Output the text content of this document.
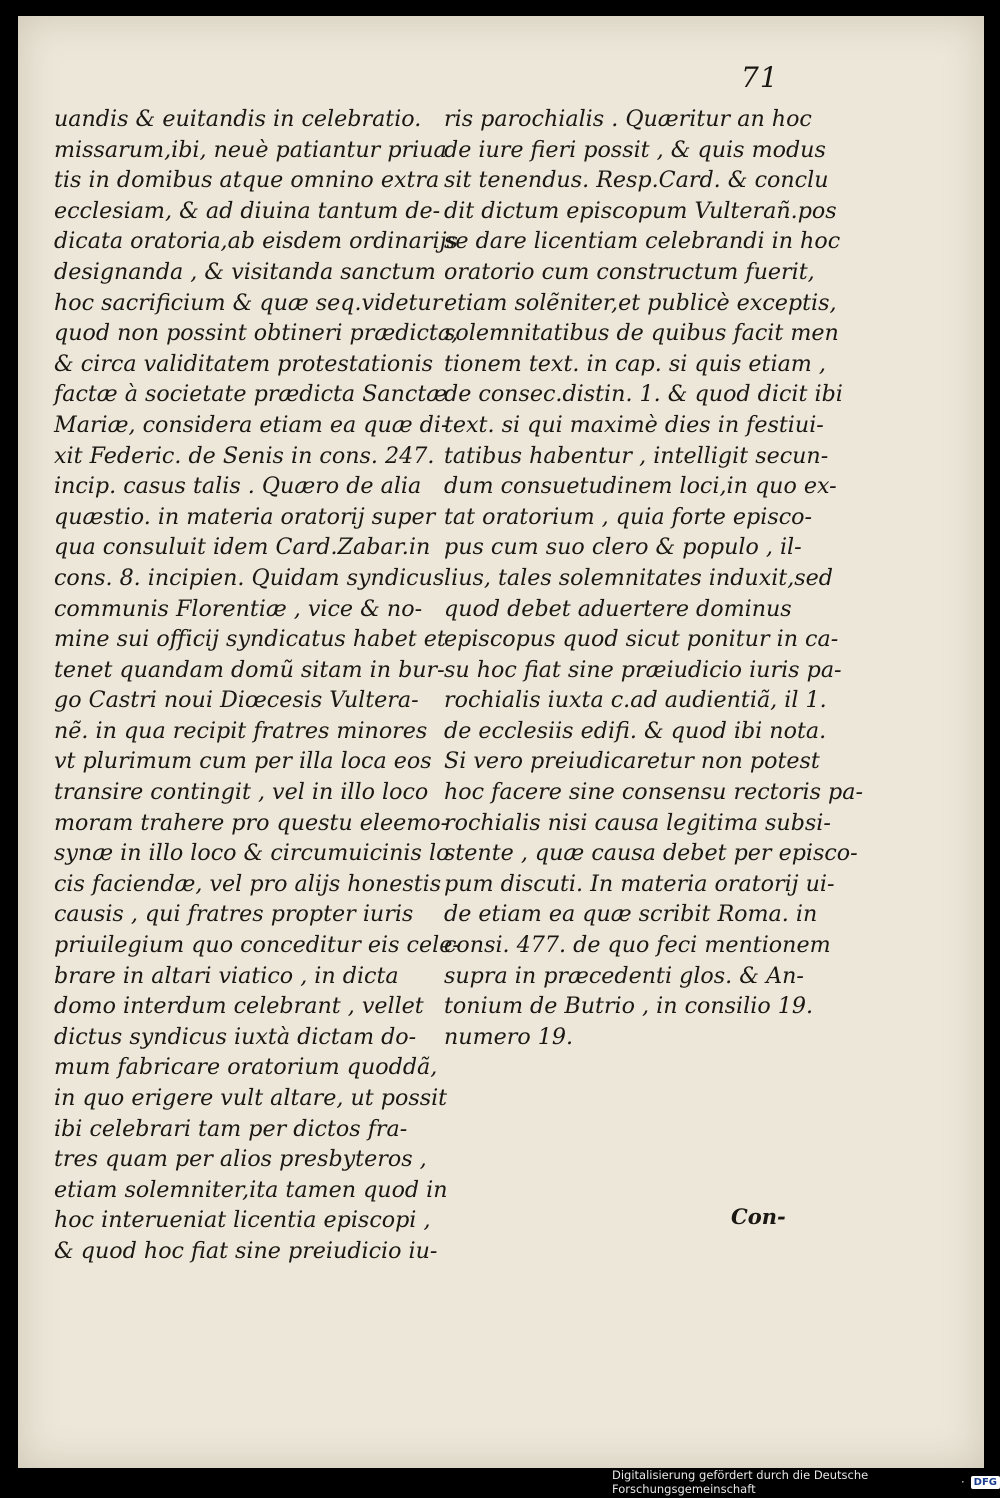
71
uandis & euitandis in celebratio.
missarum,ibi, neuè patiantur priua
tis in domibus atque omnino extra
ecclesiam, & ad diuina tantum de-
dicata oratoria,ab eisdem ordinarijs
designanda , & visitanda sanctum
hoc sacrificium & quæ seq.videtur
quod non possint obtineri prædicta,
& circa validitatem protestationis
factæ à societate prædicta Sanctæ
Mariæ, considera etiam ea quæ di-
xit Federic. de Senis in cons. 247.
incip. casus talis . Quæro de alia
quæstio. in materia oratorij super
qua consuluit idem Card.Zabar.in
cons. 8. incipien. Quidam syndicus
communis Florentiæ , vice & no-
mine sui officij syndicatus habet et
tenet quandam domũ sitam in bur-
go Castri noui Diœcesis Vultera-
nẽ. in qua recipit fratres minores
vt plurimum cum per illa loca eos
transire contingit , vel in illo loco
moram trahere pro questu eleemo-
synæ in illo loco & circumuicinis lo
cis faciendæ, vel pro alijs honestis
causis , qui fratres propter iuris
priuilegium quo conceditur eis cele-
brare in altari viatico , in dicta
domo interdum celebrant , vellet
dictus syndicus iuxtà dictam do-
mum fabricare oratorium quoddã,
in quo erigere vult altare, ut possit
ibi celebrari tam per dictos fra-
tres quam per alios presbyteros ,
etiam solemniter,ita tamen quod in
hoc interueniat licentia episcopi ,
& quod hoc fiat sine preiudicio iu-
ris parochialis . Quæritur an hoc
de iure fieri possit , & quis modus
sit tenendus. Resp.Card. & conclu
dit dictum episcopum Vulterañ.pos
se dare licentiam celebrandi in hoc
oratorio cum constructum fuerit,
etiam solẽniter,et publicè exceptis,
solemnitatibus de quibus facit men
tionem text. in cap. si quis etiam ,
de consec.distin. 1. & quod dicit ibi
text. si qui maximè dies in festiui-
tatibus habentur , intelligit secun-
dum consuetudinem loci,in quo ex-
tat oratorium , quia forte episco-
pus cum suo clero & populo , il-
lius, tales solemnitates induxit,sed
quod debet aduertere dominus
episcopus quod sicut ponitur in ca-
su hoc fiat sine præiudicio iuris pa-
rochialis iuxta c.ad audientiã, il 1.
de ecclesiis edifi. & quod ibi nota.
Si vero preiudicaretur non potest
hoc facere sine consensu rectoris pa-
rochialis nisi causa legitima subsi-
stente , quæ causa debet per episco-
pum discuti. In materia oratorij ui-
de etiam ea quæ scribit Roma. in
consi. 477. de quo feci mentionem
supra in præcedenti glos. & An-
tonium de Butrio , in consilio 19.
numero 19.
Con-
Digitalisierung gefördert durch die Deutsche Forschungsgemeinschaft	· DFG
